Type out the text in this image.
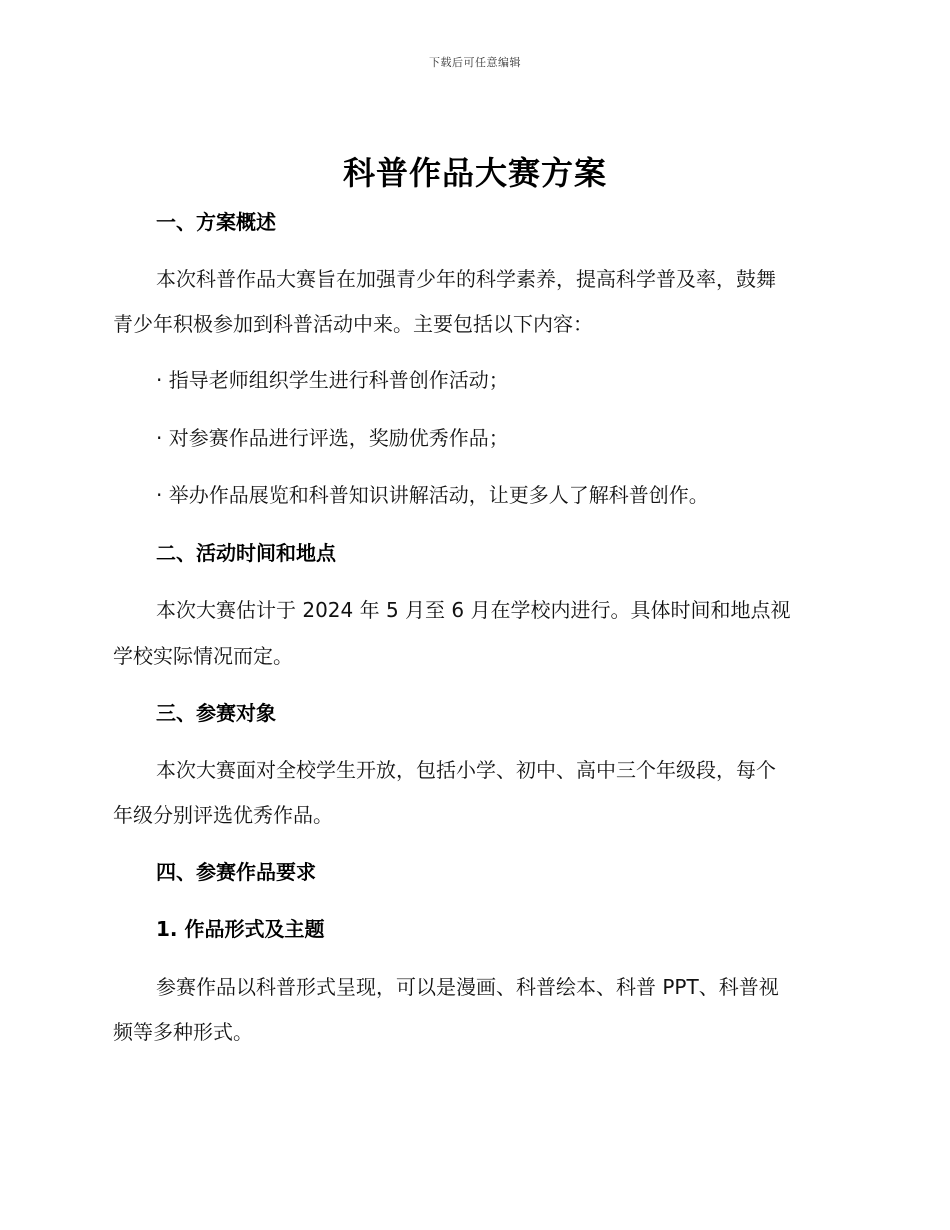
下载后可任意编辑
科普作品大赛方案
一、方案概述
本次科普作品大赛旨在加强青少年的科学素养，提高科学普及率，鼓舞
青少年积极参加到科普活动中来。主要包括以下内容：
· 指导老师组织学生进行科普创作活动；
· 对参赛作品进行评选，奖励优秀作品；
· 举办作品展览和科普知识讲解活动，让更多人了解科普创作。
二、活动时间和地点
本次大赛估计于 2024 年 5 月至 6 月在学校内进行。具体时间和地点视
学校实际情况而定。
三、参赛对象
本次大赛面对全校学生开放，包括小学、初中、高中三个年级段，每个
年级分别评选优秀作品。
四、参赛作品要求
1. 作品形式及主题
参赛作品以科普形式呈现，可以是漫画、科普绘本、科普 PPT、科普视
频等多种形式。
